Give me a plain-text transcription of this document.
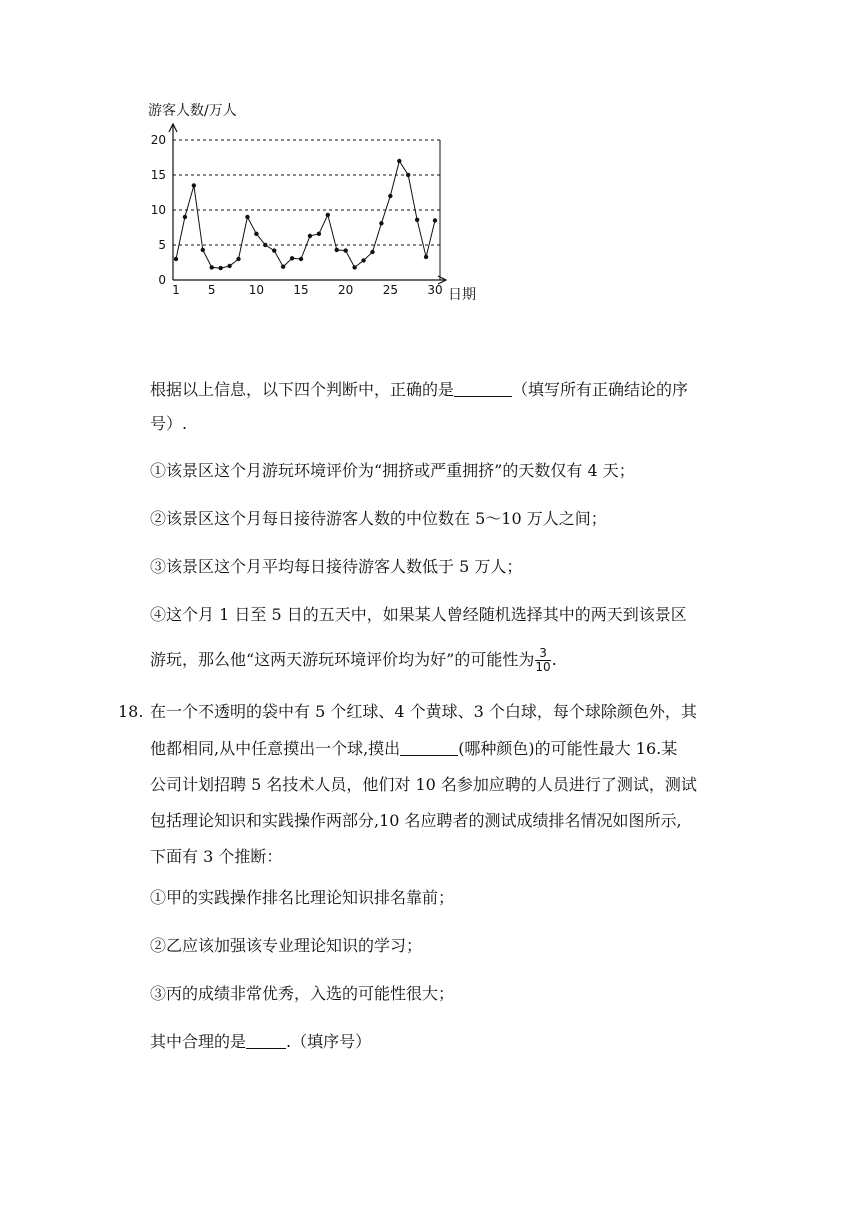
游客人数/万人
日期
0
5
10
15
20
1 5	10 15 20 25 30
根据以上信息，以下四个判断中，正确的是	（填写所有正确结论的序
号）.
①该景区这个月游玩环境评价为“拥挤或严重拥挤”的天数仅有 4 天；
②该景区这个月每日接待游客人数的中位数在 5～10 万人之间；
③该景区这个月平均每日接待游客人数低于 5 万人；
④这个月 1 日至 5 日的五天中，如果某人曾经随机选择其中的两天到该景区
游玩，那么他“这两天游玩环境评价均为好”的可能性为 $\frac{3}{10}$ .
18. 在一个不透明的袋中有 5 个红球、4 个黄球、3 个白球，每个球除颜色外，其
他都相同,从中任意摸出一个球,摸出	(哪种颜色)的可能性最大 16.某
公司计划招聘 5 名技术人员，他们对 10 名参加应聘的人员进行了测试，测试
包括理论知识和实践操作两部分,10 名应聘者的测试成绩排名情况如图所示,
下面有 3 个推断：
①甲的实践操作排名比理论知识排名靠前；
②乙应该加强该专业理论知识的学习；
③丙的成绩非常优秀，入选的可能性很大；
其中合理的是	.（填序号）
